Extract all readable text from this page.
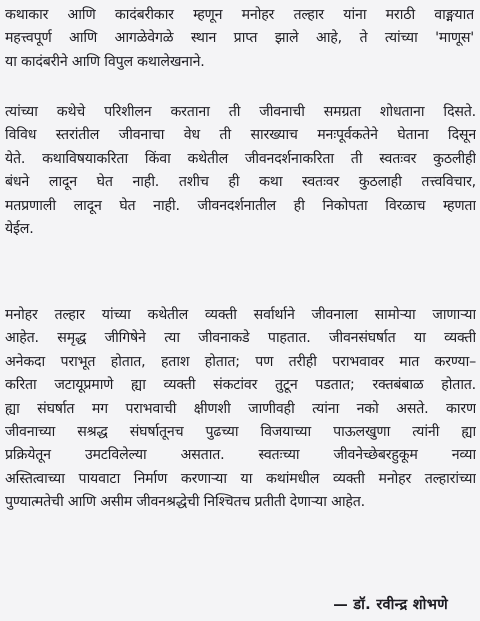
कथाकार आणि कादंबरीकार म्हणून मनोहर तल्हार यांना मराठी वाङ्मयात
महत्त्वपूर्ण आणि आगळेवेगळे स्थान प्राप्त झाले आहे, ते त्यांच्या 'माणूस'
या कादंबरीने आणि विपुल कथालेखनाने.

त्यांच्या कथेचे परिशीलन करताना ती जीवनाची समग्रता शोधताना दिसते.
विविध स्तरांतील जीवनाचा वेध ती सारख्याच मनःपूर्वकतेने घेताना दिसून
येते. कथाविषयाकरिता किंवा कथेतील जीवनदर्शनाकरिता ती स्वतःवर कुठलीही
बंधने लादून घेत नाही. तशीच ही कथा स्वतःवर कुठलाही तत्त्वविचार,
मतप्रणाली लादून घेत नाही. जीवनदर्शनातील ही निकोपता विरळाच म्हणता
येईल.

मनोहर तल्हार यांच्या कथेतील व्यक्ती सर्वार्थाने जीवनाला सामोऱ्या जाणाऱ्या
आहेत. समृद्ध जीगिषेने त्या जीवनाकडे पाहतात. जीवनसंघर्षात या व्यक्ती
अनेकदा पराभूत होतात, हताश होतात; पण तरीही पराभवावर मात करण्या–
करिता जटायूप्रमाणे ह्या व्यक्ती संकटांवर तुटून पडतात; रक्तबंबाळ होतात.
ह्या संघर्षात मग पराभवाची क्षीणशी जाणीवही त्यांना नको असते. कारण
जीवनाच्या सश्रद्ध संघर्षातूनच पुढच्या विजयाच्या पाऊलखुणा त्यांनी ह्या
प्रक्रियेतून उमटविलेल्या असतात. स्वतःच्या जीवनेच्छेबरहुकूम नव्या
अस्तित्वाच्या पायवाटा निर्माण करणाऱ्या या कथांमधील व्यक्ती मनोहर तल्हारांच्या
पुण्यात्मतेची आणि असीम जीवनश्रद्धेची निश्चितच प्रतीती देणाऱ्या आहेत.

— डॉ. रवीन्द्र शोभणे
